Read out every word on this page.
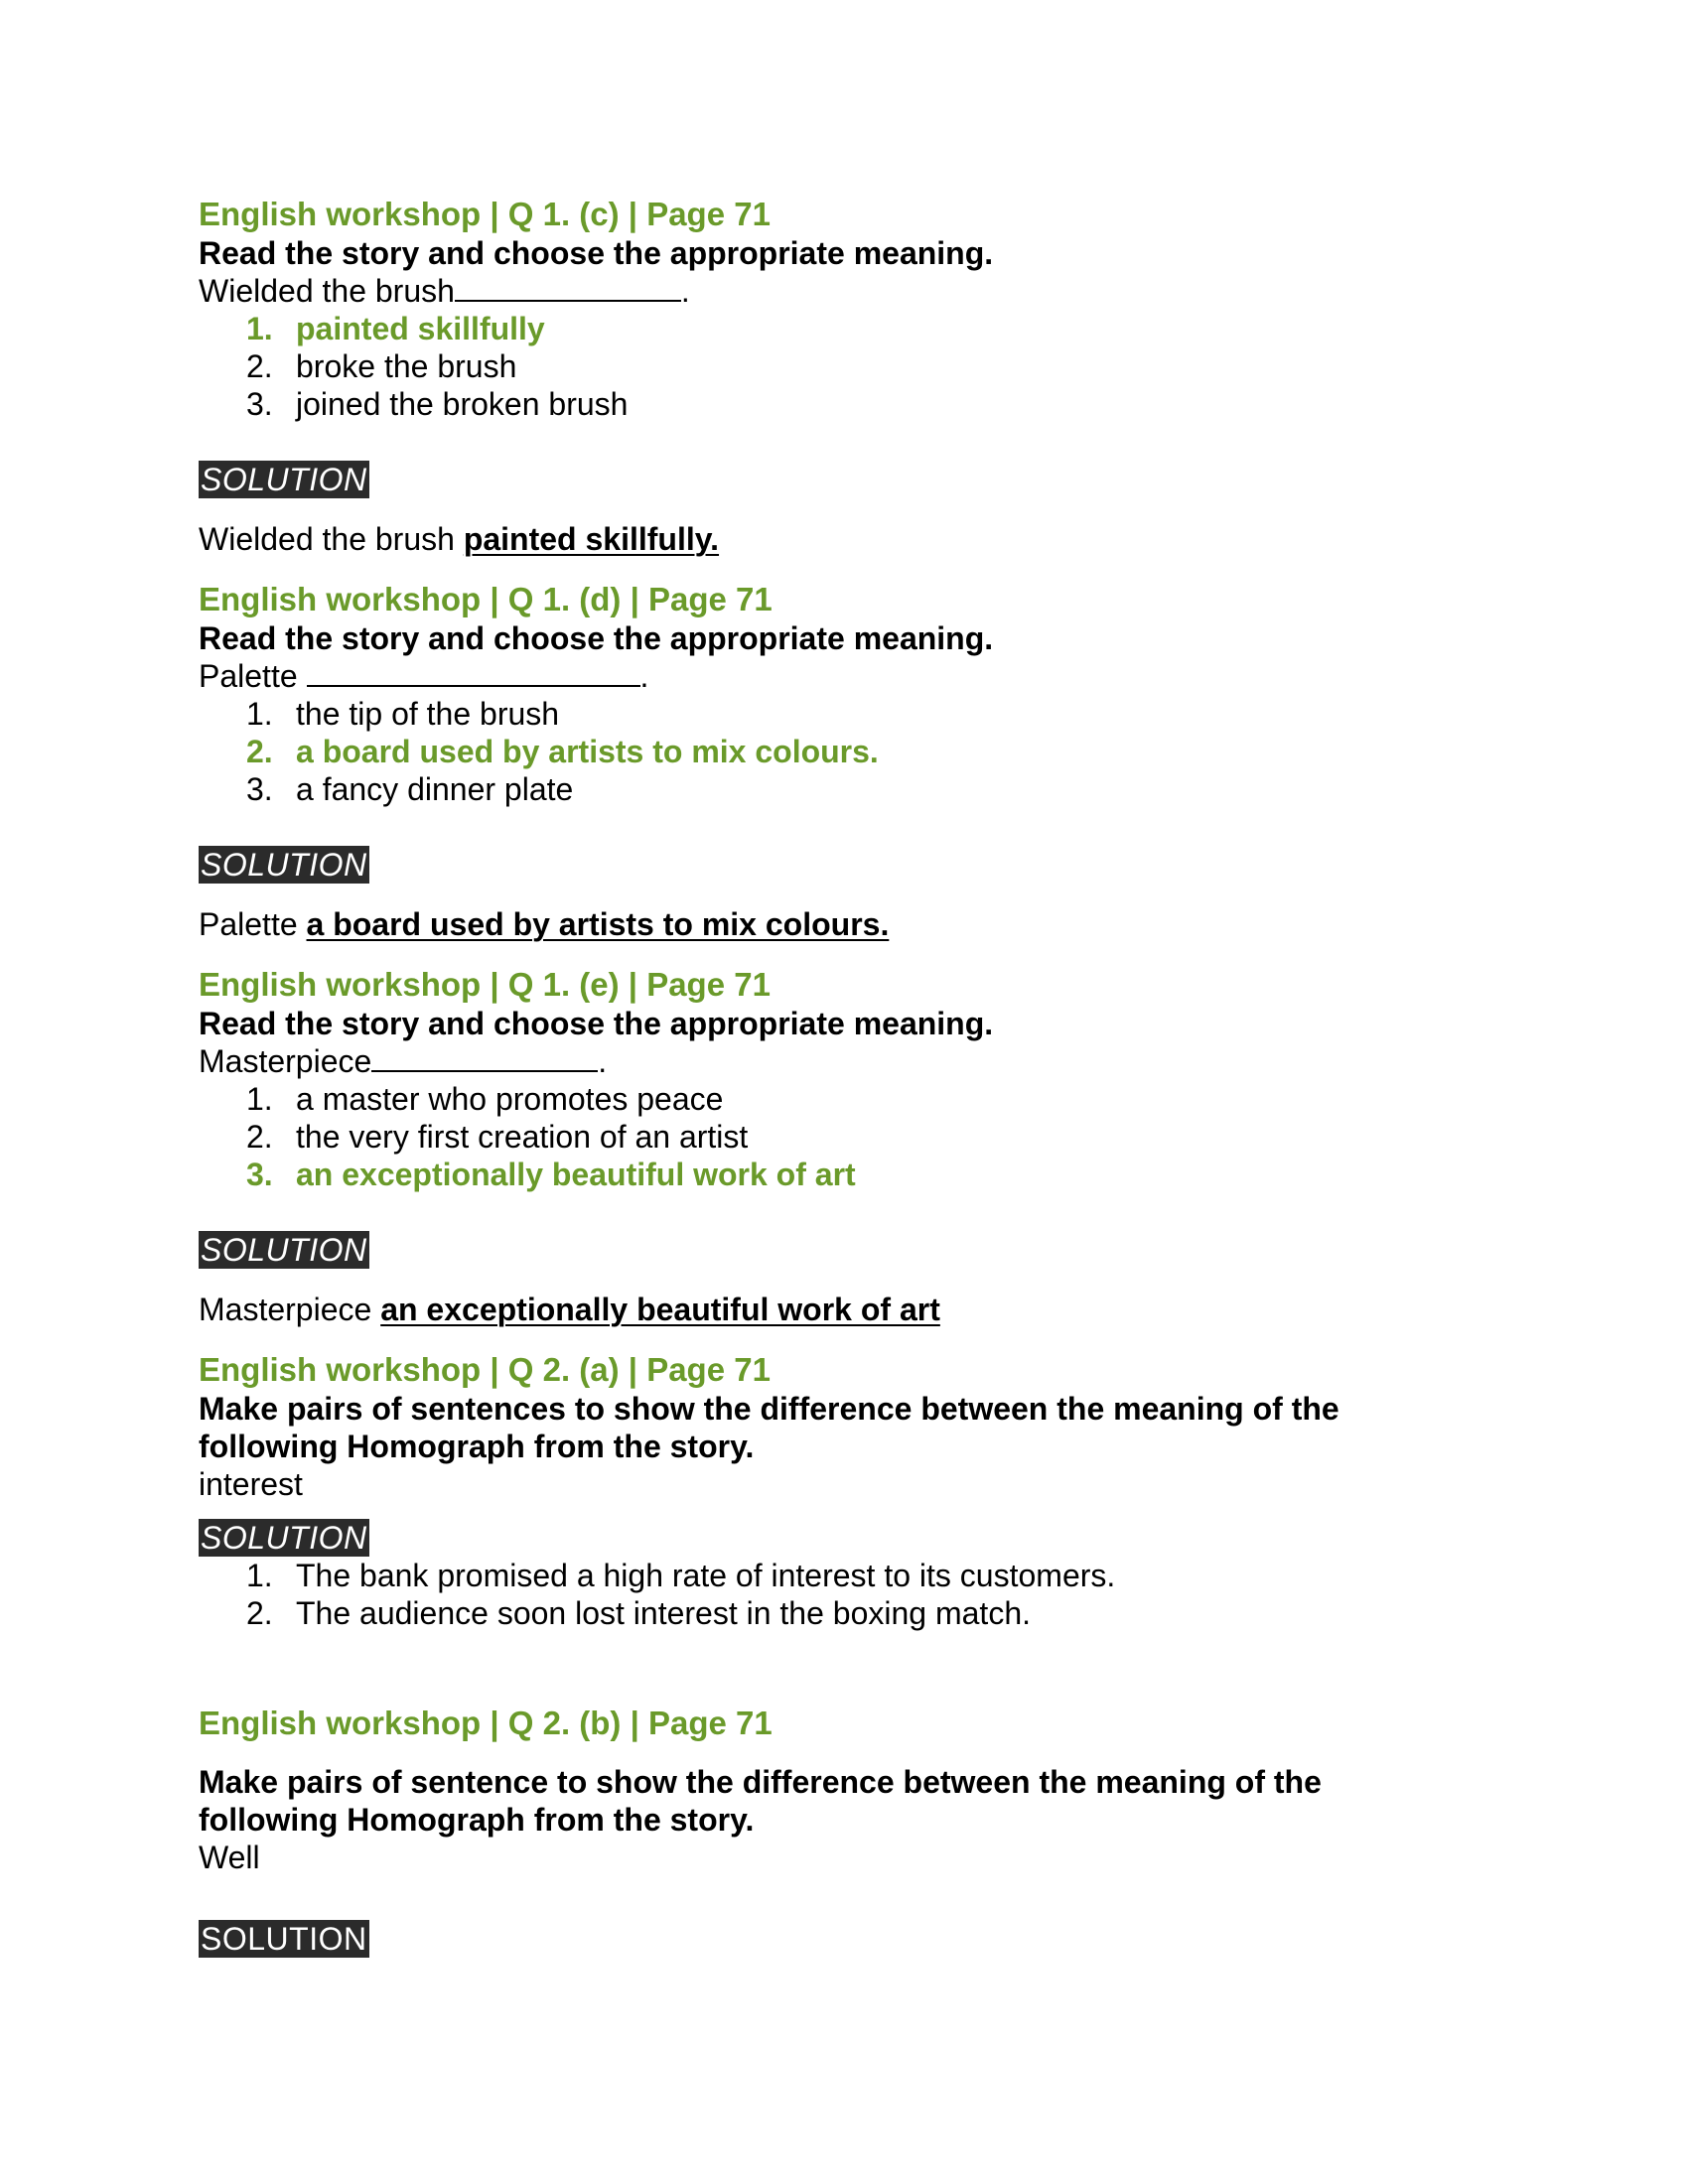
English workshop | Q 1. (c) | Page 71

Read the story and choose the appropriate meaning.

Wielded the brush	.

1. painted skillfully
2. broke the brush
3. joined the broken brush
SOLUTION

Wielded the brush painted skillfully.

English workshop | Q 1. (d) | Page 71

Read the story and choose the appropriate meaning.

Palette	.

1. the tip of the brush
2. a board used by artists to mix colours.
3. a fancy dinner plate
SOLUTION

Palette a board used by artists to mix colours.

English workshop | Q 1. (e) | Page 71

Read the story and choose the appropriate meaning.

Masterpiece	.

1. a master who promotes peace
2. the very first creation of an artist
3. an exceptionally beautiful work of art
SOLUTION

Masterpiece an exceptionally beautiful work of art

English workshop | Q 2. (a) | Page 71

Make pairs of sentences to show the difference between the meaning of the

following Homograph from the story.

interest

SOLUTION
1. The bank promised a high rate of interest to its customers.
2. The audience soon lost interest in the boxing match.

English workshop | Q 2. (b) | Page 71

Make pairs of sentence to show the difference between the meaning of the

following Homograph from the story.

Well

SOLUTION
